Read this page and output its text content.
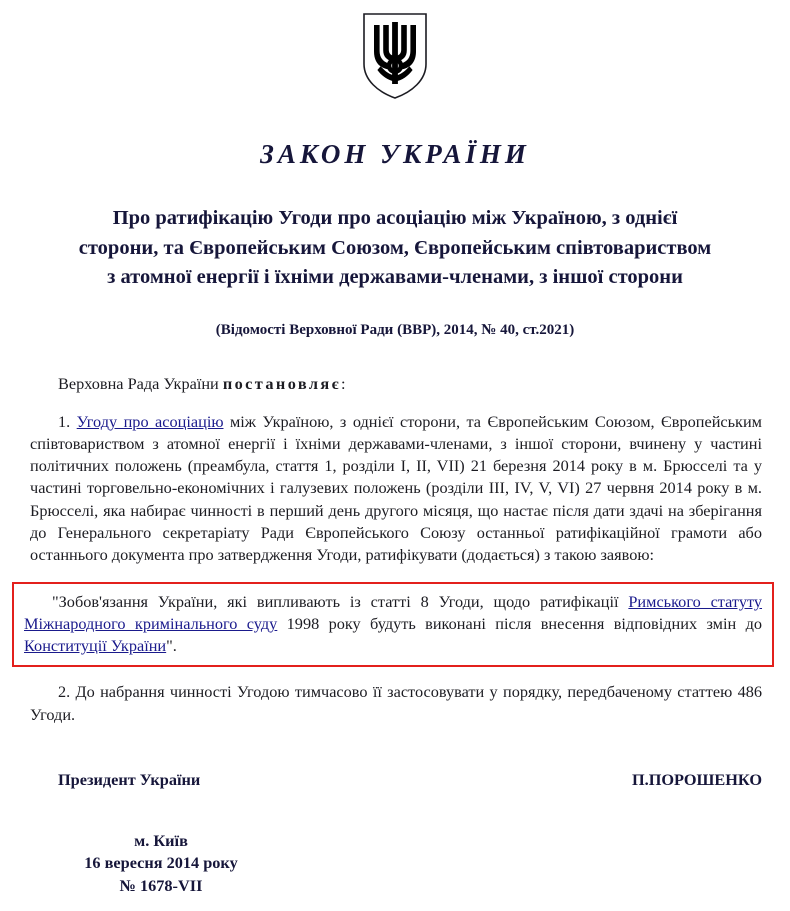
ЗАКОН УКРАЇНИ
Про ратифікацію Угоди про асоціацію між Україною, з однієї сторони, та Європейським Союзом, Європейським співтовариством з атомної енергії і їхніми державами-членами, з іншої сторони
(Відомості Верховної Ради (ВВР), 2014, № 40, ст.2021)

Верховна Рада України постановляє:

1. Угоду про асоціацію між Україною, з однієї сторони, та Європейським Союзом, Європейським співтовариством з атомної енергії і їхніми державами-членами, з іншої сторони, вчинену у частині політичних положень (преамбула, стаття 1, розділи I, II, VII) 21 березня 2014 року в м. Брюсселі та у частині торговельно-економічних і галузевих положень (розділи III, IV, V, VI) 27 червня 2014 року в м. Брюсселі, яка набирає чинності в перший день другого місяця, що настає після дати здачі на зберігання до Генерального секретаріату Ради Європейського Союзу останньої ратифікаційної грамоти або останнього документа про затвердження Угоди, ратифікувати (додається) з такою заявою:

"Зобов'язання України, які випливають із статті 8 Угоди, щодо ратифікації Римського статуту Міжнародного кримінального суду 1998 року будуть виконані після внесення відповідних змін до Конституції України".

2. До набрання чинності Угодою тимчасово її застосовувати у порядку, передбаченому статтею 486 Угоди.

Президент України	П.ПОРОШЕНКО
м. Київ
16 вересня 2014 року
№ 1678-VII
